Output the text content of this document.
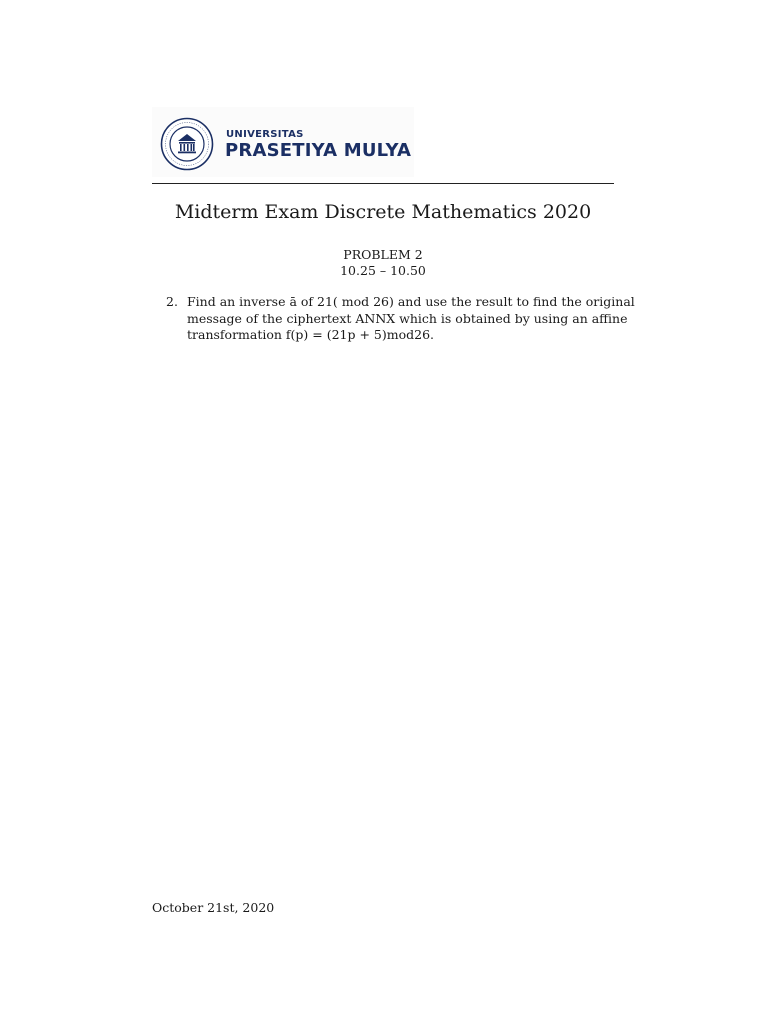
UNIVERSITAS
PRASETIYA MULYA
Midterm Exam Discrete Mathematics 2020
PROBLEM 2
10.25 – 10.50
2. Find an inverse ā of 21( mod 26) and use the result to find the original
message of the ciphertext ANNX which is obtained by using an affine
transformation f(p) = (21p + 5)mod26.
October 21st, 2020
